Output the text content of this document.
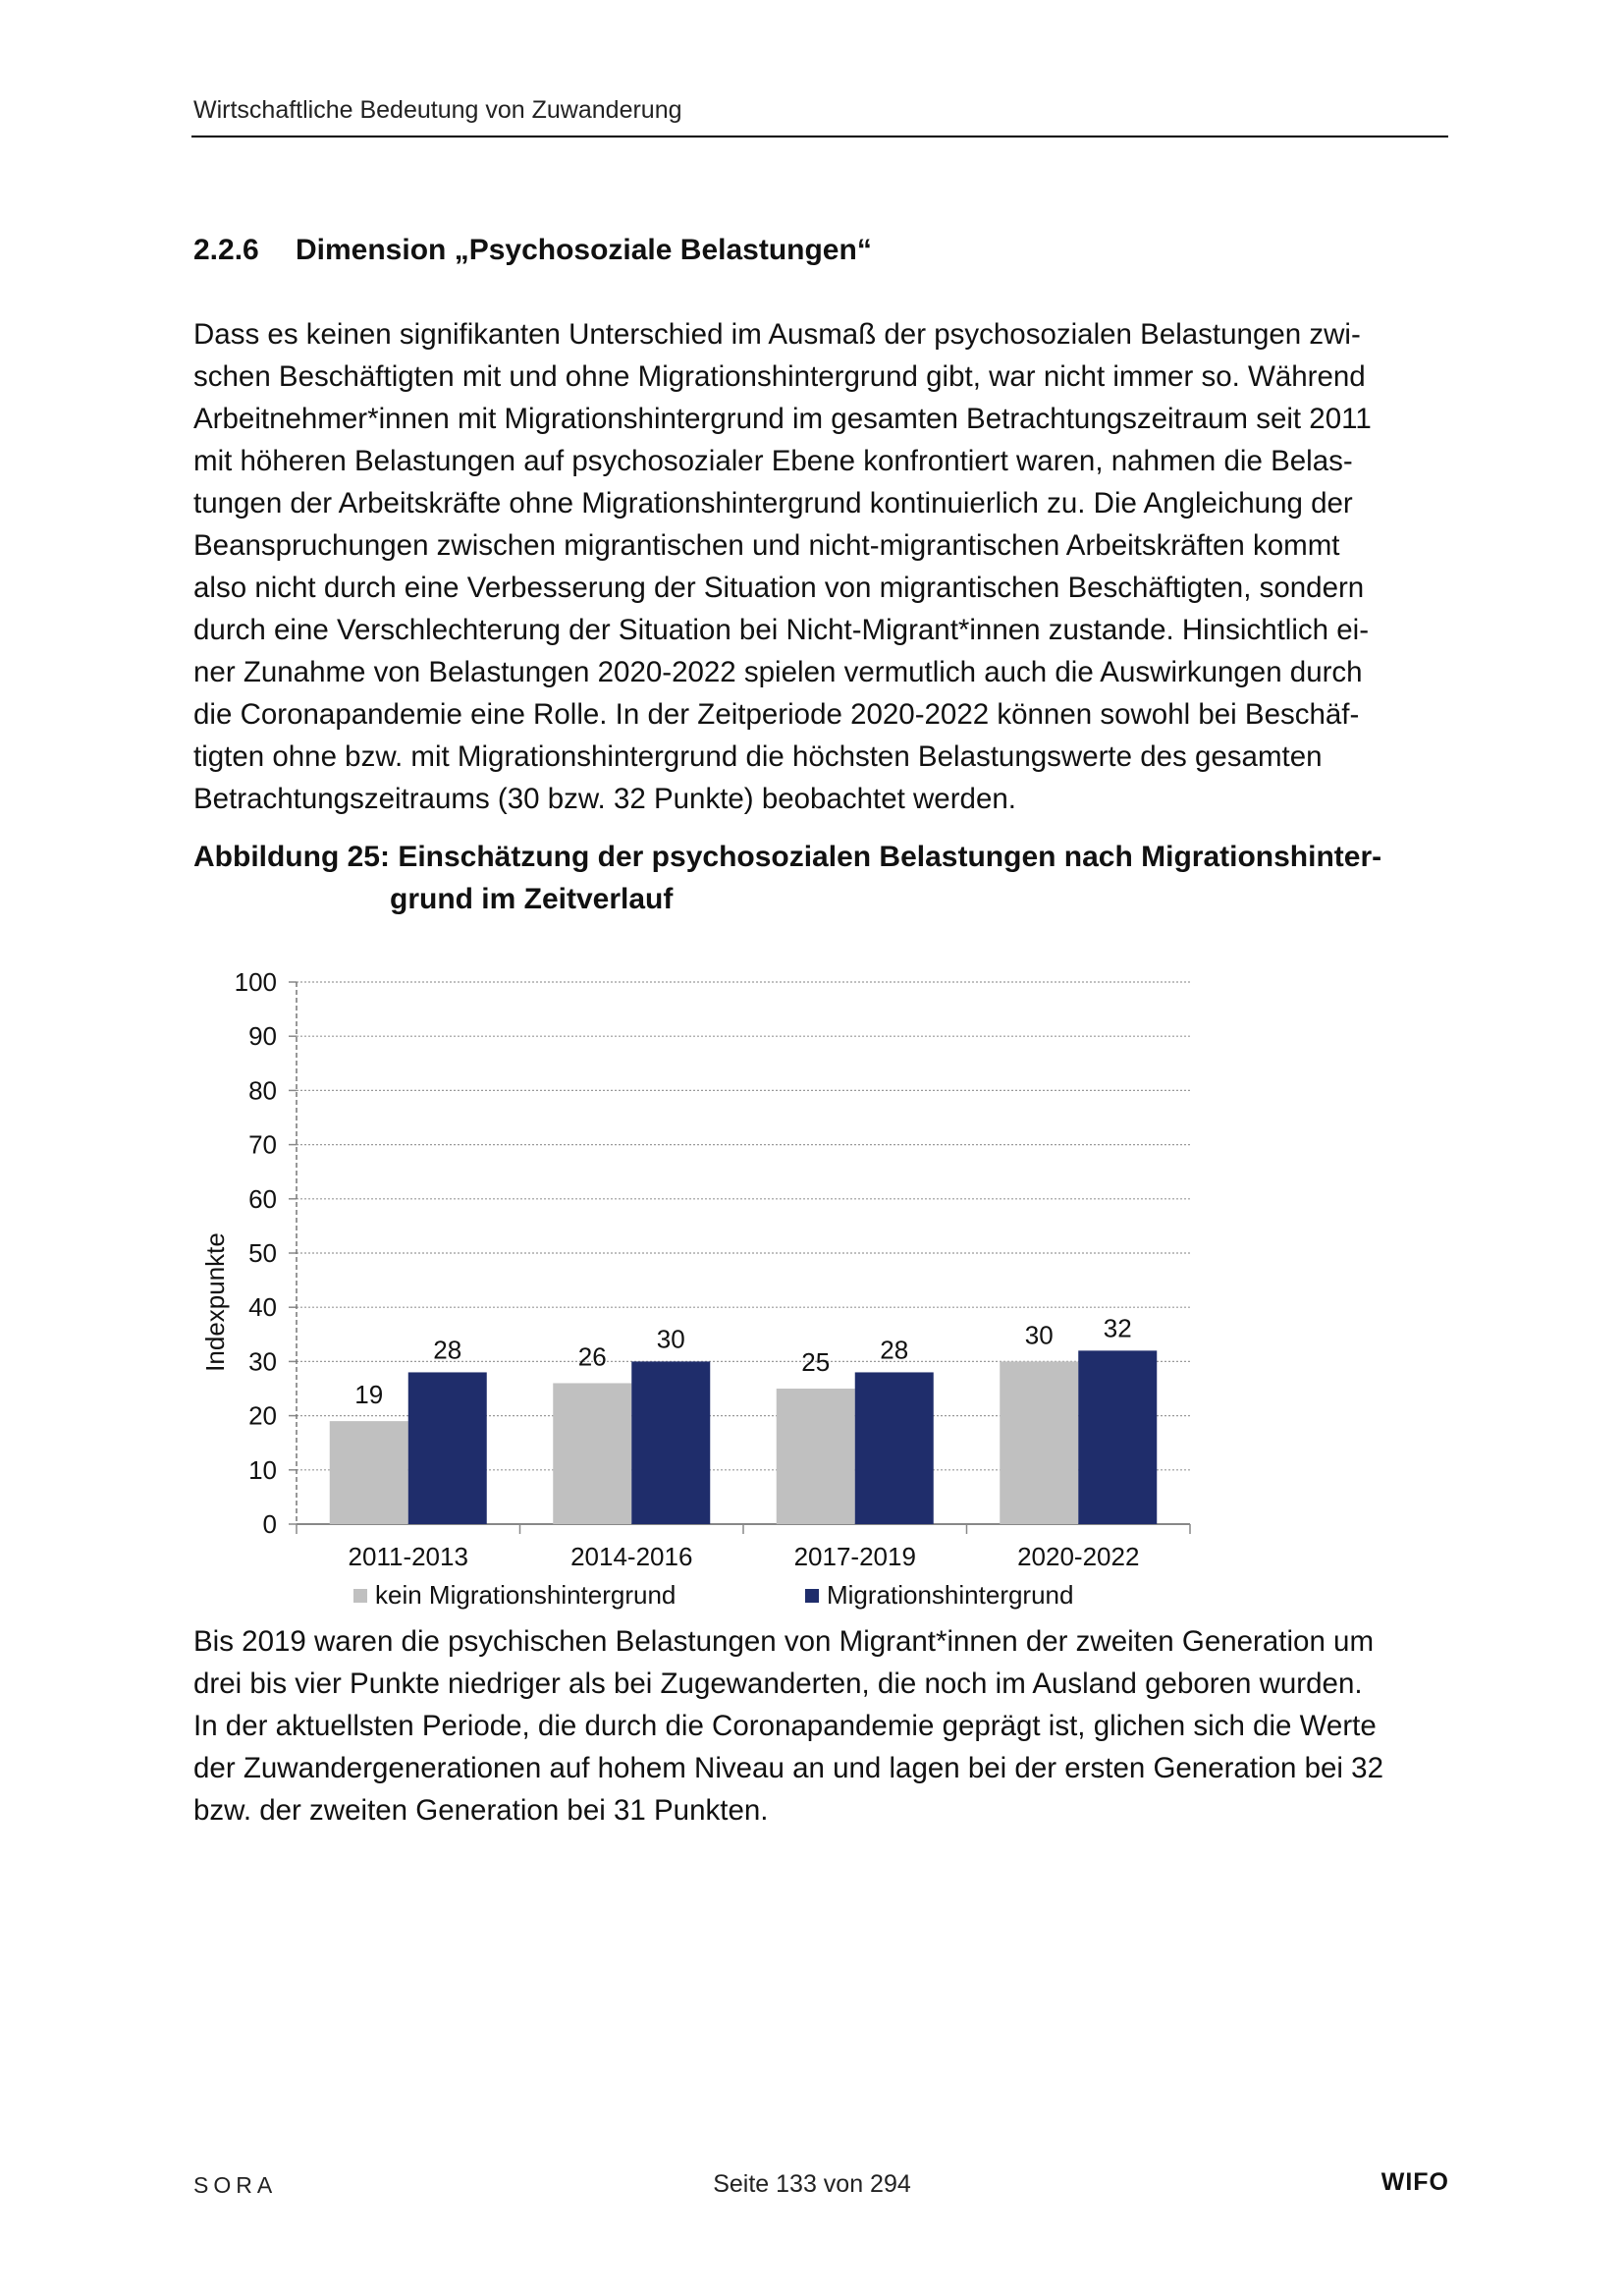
Wirtschaftliche Bedeutung von Zuwanderung
2.2.6 Dimension „Psychosoziale Belastungen“
Dass es keinen signifikanten Unterschied im Ausmaß der psychosozialen Belastungen zwi-
schen Beschäftigten mit und ohne Migrationshintergrund gibt, war nicht immer so. Während
Arbeitnehmer*innen mit Migrationshintergrund im gesamten Betrachtungszeitraum seit 2011
mit höheren Belastungen auf psychosozialer Ebene konfrontiert waren, nahmen die Belas-
tungen der Arbeitskräfte ohne Migrationshintergrund kontinuierlich zu. Die Angleichung der
Beanspruchungen zwischen migrantischen und nicht-migrantischen Arbeitskräften kommt
also nicht durch eine Verbesserung der Situation von migrantischen Beschäftigten, sondern
durch eine Verschlechterung der Situation bei Nicht-Migrant*innen zustande. Hinsichtlich ei-
ner Zunahme von Belastungen 2020-2022 spielen vermutlich auch die Auswirkungen durch
die Coronapandemie eine Rolle. In der Zeitperiode 2020-2022 können sowohl bei Beschäf-
tigten ohne bzw. mit Migrationshintergrund die höchsten Belastungswerte des gesamten
Betrachtungszeitraums (30 bzw. 32 Punkte) beobachtet werden.
Abbildung 25: Einschätzung der psychosozialen Belastungen nach Migrationshinter-
grund im Zeitverlauf
0
10
20
30
40
50
60
70
80
90
100
Indexpunkte
19
28
2011-2013
26
30
2014-2016
25 28
2017-2019
30 32
2020-2022
kein Migrationshintergrund	Migrationshintergrund
Bis 2019 waren die psychischen Belastungen von Migrant*innen der zweiten Generation um
drei bis vier Punkte niedriger als bei Zugewanderten, die noch im Ausland geboren wurden.
In der aktuellsten Periode, die durch die Coronapandemie geprägt ist, glichen sich die Werte
der Zuwandergenerationen auf hohem Niveau an und lagen bei der ersten Generation bei 32
bzw. der zweiten Generation bei 31 Punkten.
SORA	Seite 133 von 294	WIFO
